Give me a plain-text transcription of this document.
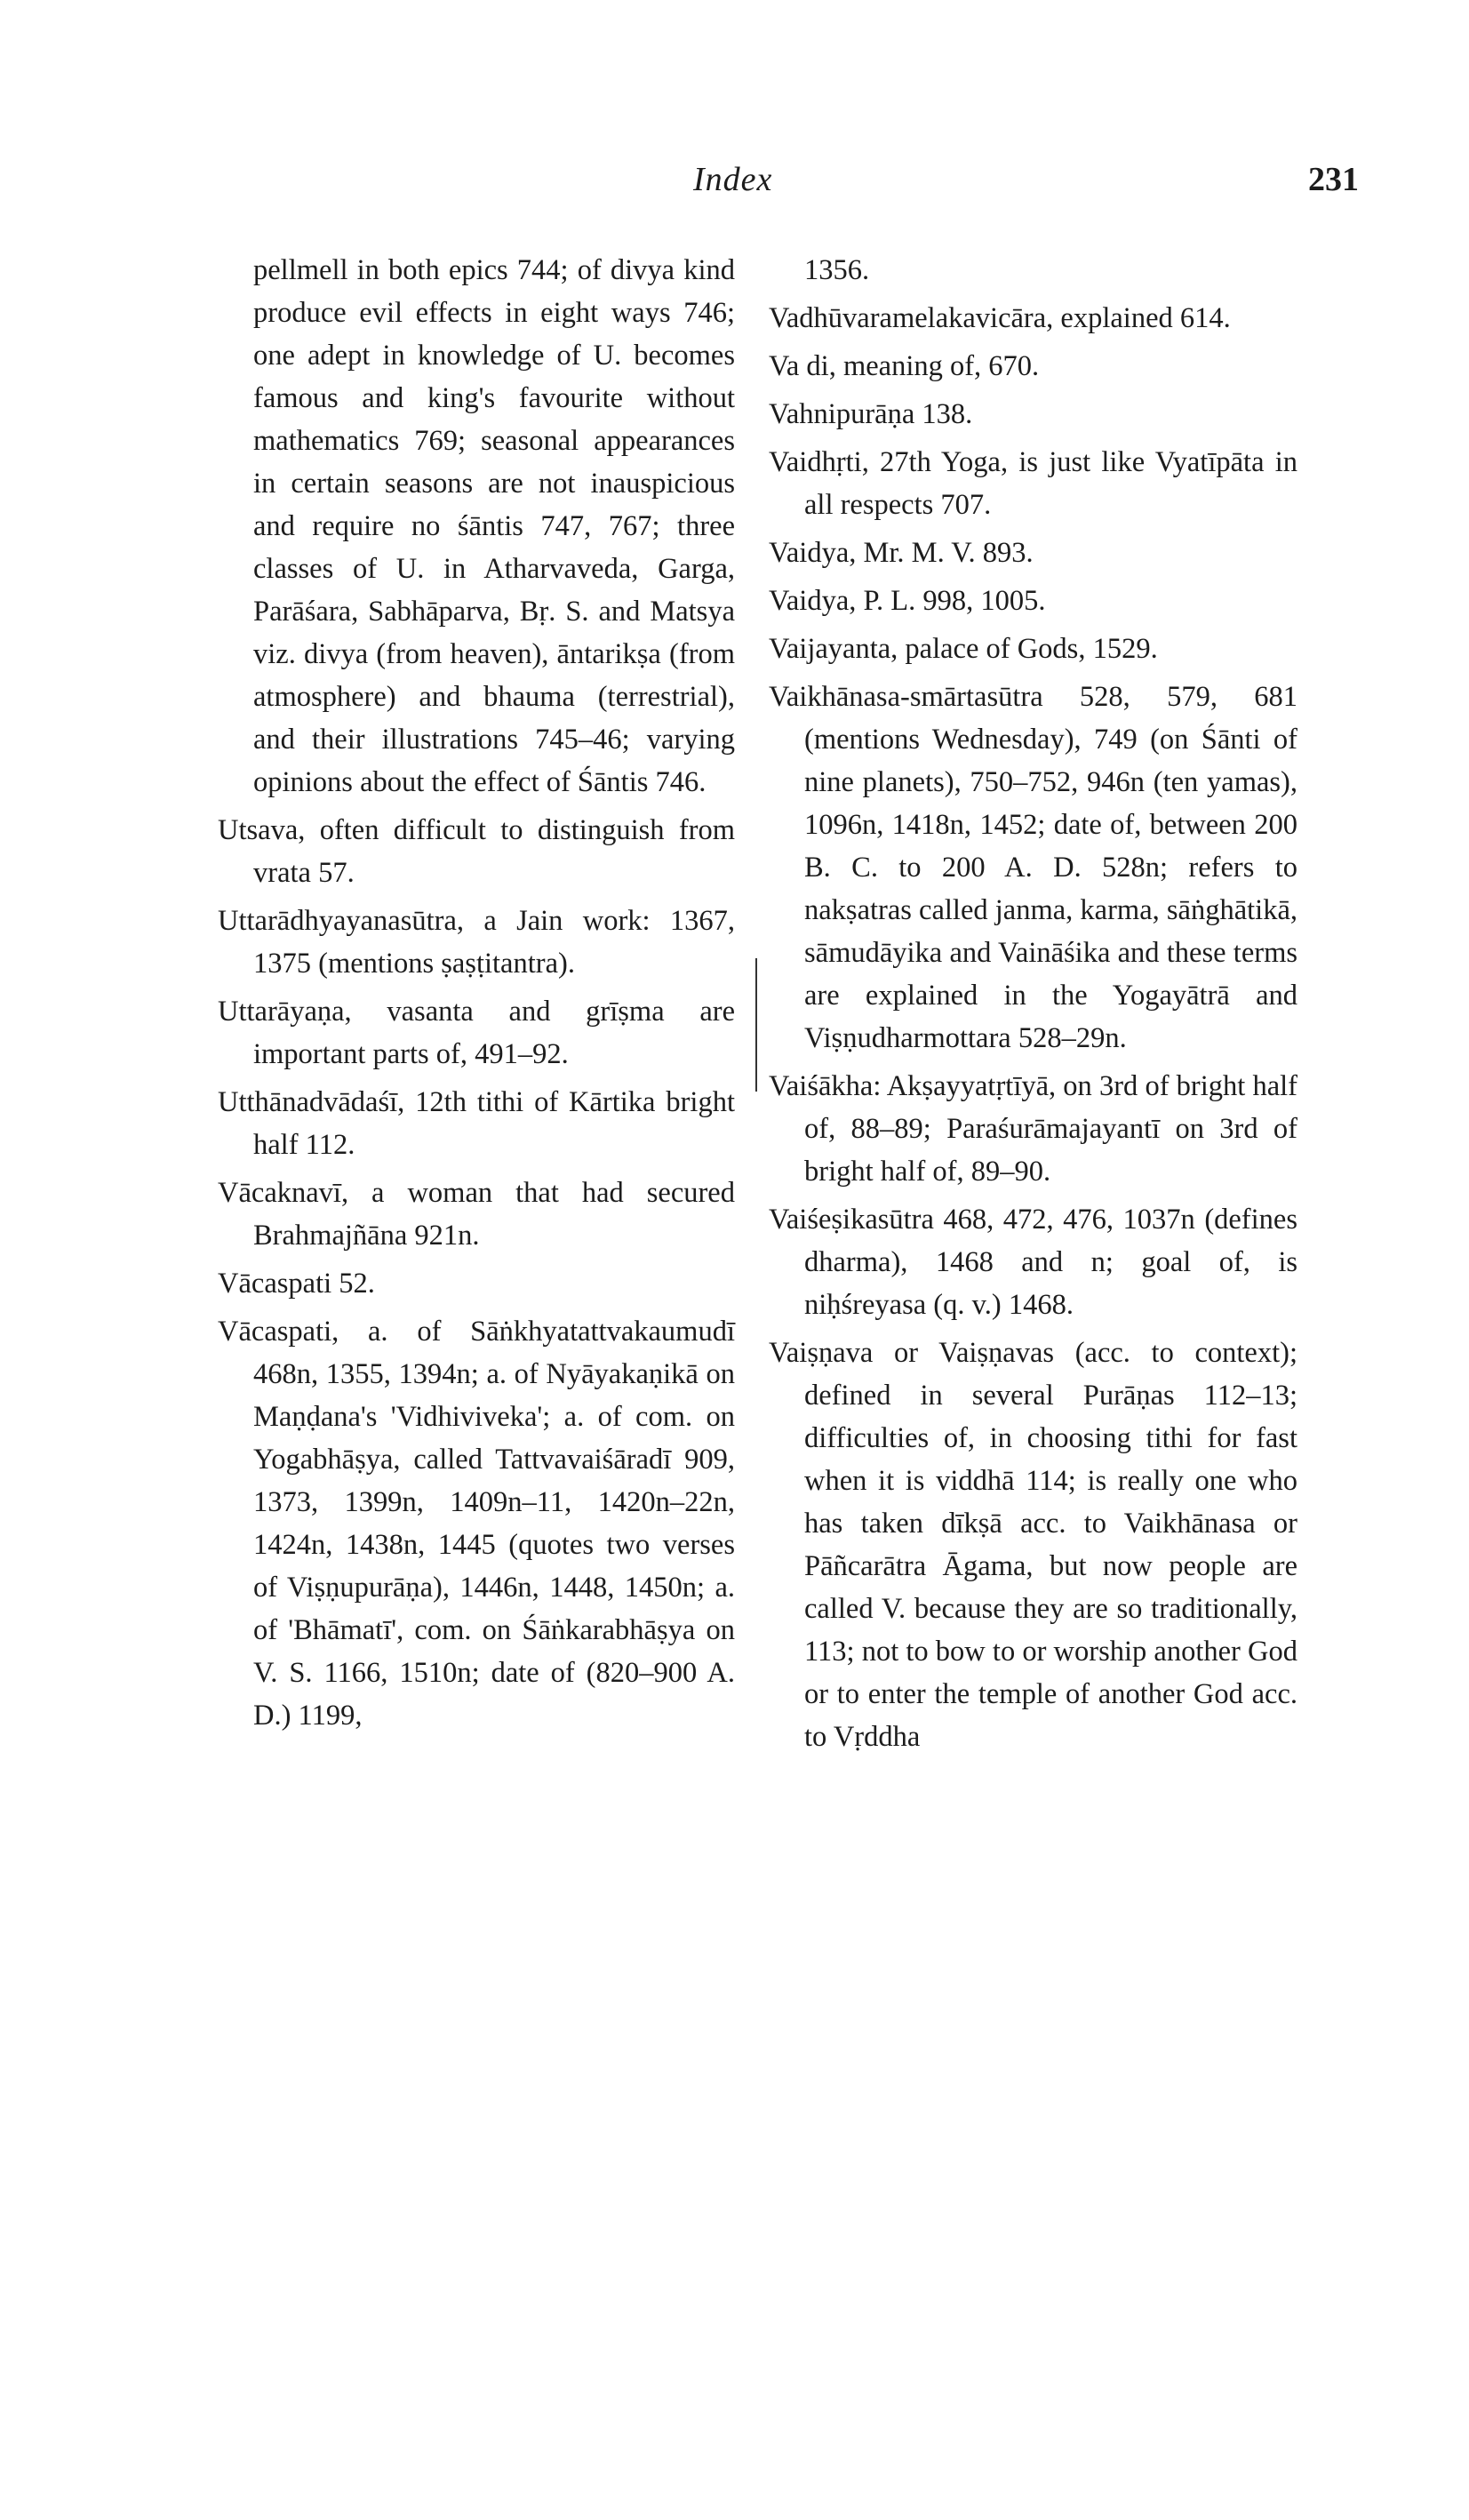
Index	231

pellmell in both epics 744; of divya kind produce evil effects in eight ways 746; one adept in knowledge of U. becomes famous and king's favourite without mathematics 769; seasonal appearances in certain seasons are not inauspicious and require no śāntis 747, 767; three classes of U. in Atharvaveda, Garga, Parāśara, Sabhāparva, Bṛ. S. and Matsya viz. divya (from heaven), āntarikṣa (from atmosphere) and bhauma (terrestrial), and their illustrations 745–46; varying opinions about the effect of Śāntis 746.

Utsava, often difficult to distinguish from vrata 57.

Uttarādhyayanasūtra, a Jain work: 1367, 1375 (mentions ṣaṣṭitantra).

Uttarāyaṇa, vasanta and grīṣma are important parts of, 491–92.

Utthānadvādaśī, 12th tithi of Kārtika bright half 112.

Vācaknavī, a woman that had secured Brahmajñāna 921n.

Vācaspati 52.

Vācaspati, a. of Sāṅkhyatattvakaumudī 468n, 1355, 1394n; a. of Nyāyakaṇikā on Maṇḍana's 'Vidhiviveka'; a. of com. on Yogabhāṣya, called Tattvavaiśāradī 909, 1373, 1399n, 1409n–11, 1420n–22n, 1424n, 1438n, 1445 (quotes two verses of Viṣṇupurāṇa), 1446n, 1448, 1450n; a. of 'Bhāmatī', com. on Śāṅkarabhāṣya on V. S. 1166, 1510n; date of (820–900 A. D.) 1199,

1356.

Vadhūvaramelakavicāra, explained 614.

Va di, meaning of, 670.

Vahnipurāṇa 138.

Vaidhṛti, 27th Yoga, is just like Vyatīpāta in all respects 707.

Vaidya, Mr. M. V. 893.

Vaidya, P. L. 998, 1005.

Vaijayanta, palace of Gods, 1529.

Vaikhānasa-smārtasūtra 528, 579, 681 (mentions Wednesday), 749 (on Śānti of nine planets), 750–752, 946n (ten yamas), 1096n, 1418n, 1452; date of, between 200 B. C. to 200 A. D. 528n; refers to nakṣatras called janma, karma, sāṅghātikā, sāmudāyika and Vaināśika and these terms are explained in the Yogayātrā and Viṣṇudharmottara 528–29n.

Vaiśākha: Akṣayyatṛtīyā, on 3rd of bright half of, 88–89; Paraśurāmajayantī on 3rd of bright half of, 89–90.

Vaiśeṣikasūtra 468, 472, 476, 1037n (defines dharma), 1468 and n; goal of, is niḥśreyasa (q. v.) 1468.

Vaiṣṇava or Vaiṣṇavas (acc. to context); defined in several Purāṇas 112–13; difficulties of, in choosing tithi for fast when it is viddhā 114; is really one who has taken dīkṣā acc. to Vaikhānasa or Pāñcarātra Āgama, but now people are called V. because they are so traditionally, 113; not to bow to or worship another God or to enter the temple of another God acc. to Vṛddha
